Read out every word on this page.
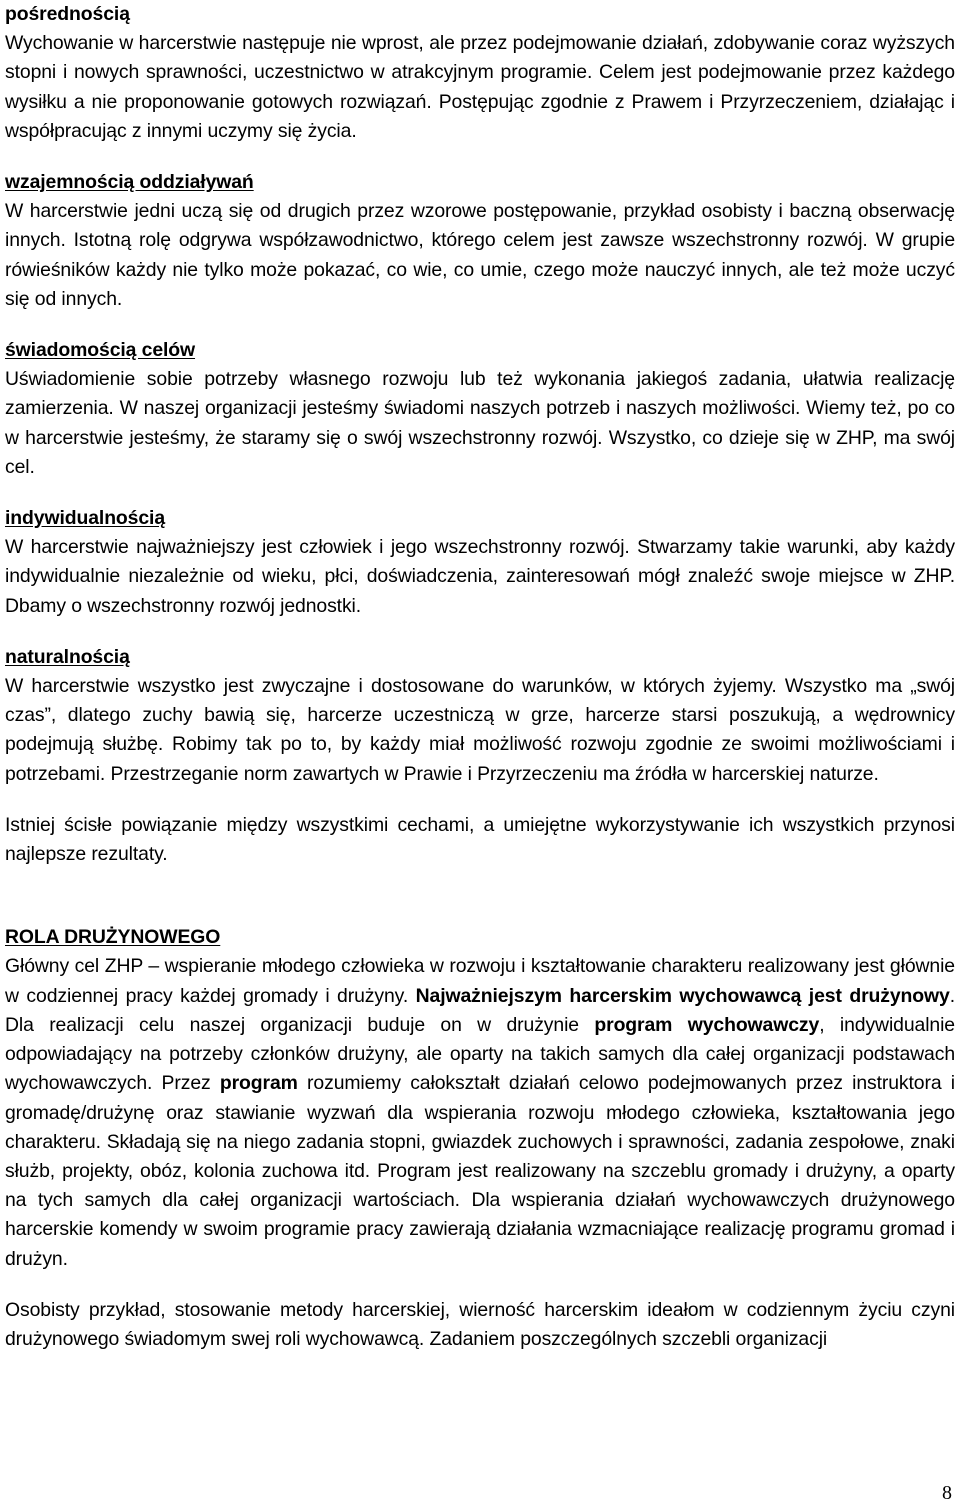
pośrednością
Wychowanie w harcerstwie następuje nie wprost, ale przez podejmowanie działań, zdobywanie coraz wyższych stopni i nowych sprawności, uczestnictwo w atrakcyjnym programie. Celem jest podejmowanie przez każdego wysiłku a nie proponowanie gotowych rozwiązań. Postępując zgodnie z Prawem i Przyrzeczeniem, działając i współpracując z innymi uczymy się życia.

wzajemnością oddziaływań
W harcerstwie jedni uczą się od drugich przez wzorowe postępowanie, przykład osobisty i baczną obserwację innych. Istotną rolę odgrywa współzawodnictwo, którego celem jest zawsze wszechstronny rozwój. W grupie rówieśników każdy nie tylko może pokazać, co wie, co umie, czego może nauczyć innych, ale też może uczyć się od innych.

świadomością celów
Uświadomienie sobie potrzeby własnego rozwoju lub też wykonania jakiegoś zadania, ułatwia realizację zamierzenia. W naszej organizacji jesteśmy świadomi naszych potrzeb i naszych możliwości. Wiemy też, po co w harcerstwie jesteśmy, że staramy się o swój wszechstronny rozwój. Wszystko, co dzieje się w ZHP, ma swój cel.

indywidualnością
W harcerstwie najważniejszy jest człowiek i jego wszechstronny rozwój. Stwarzamy takie warunki, aby każdy indywidualnie niezależnie od wieku, płci, doświadczenia, zainteresowań mógł znaleźć swoje miejsce w ZHP. Dbamy o wszechstronny rozwój jednostki.

naturalnością
W harcerstwie wszystko jest zwyczajne i dostosowane do warunków, w których żyjemy. Wszystko ma „swój czas”, dlatego zuchy bawią się, harcerze uczestniczą w grze, harcerze starsi poszukują, a wędrownicy podejmują służbę. Robimy tak po to, by każdy miał możliwość rozwoju zgodnie ze swoimi możliwościami i potrzebami. Przestrzeganie norm zawartych w Prawie i Przyrzeczeniu ma źródła w harcerskiej naturze.

Istniej ścisłe powiązanie między wszystkimi cechami, a umiejętne wykorzystywanie ich wszystkich przynosi najlepsze rezultaty.

ROLA DRUŻYNOWEGO
Główny cel ZHP – wspieranie młodego człowieka w rozwoju i kształtowanie charakteru realizowany jest głównie w codziennej pracy każdej gromady i drużyny. Najważniejszym harcerskim wychowawcą jest drużynowy. Dla realizacji celu naszej organizacji buduje on w drużynie program wychowawczy, indywidualnie odpowiadający na potrzeby członków drużyny, ale oparty na takich samych dla całej organizacji podstawach wychowawczych. Przez program rozumiemy całokształt działań celowo podejmowanych przez instruktora i gromadę/drużynę oraz stawianie wyzwań dla wspierania rozwoju młodego człowieka, kształtowania jego charakteru. Składają się na niego zadania stopni, gwiazdek zuchowych i sprawności, zadania zespołowe, znaki służb, projekty, obóz, kolonia zuchowa itd. Program jest realizowany na szczeblu gromady i drużyny, a oparty na tych samych dla całej organizacji wartościach. Dla wspierania działań wychowawczych drużynowego harcerskie komendy w swoim programie pracy zawierają działania wzmacniające realizację programu gromad i drużyn.

Osobisty przykład, stosowanie metody harcerskiej, wierność harcerskim ideałom w codziennym życiu czyni drużynowego świadomym swej roli wychowawcą. Zadaniem poszczególnych szczebli organizacji

8
